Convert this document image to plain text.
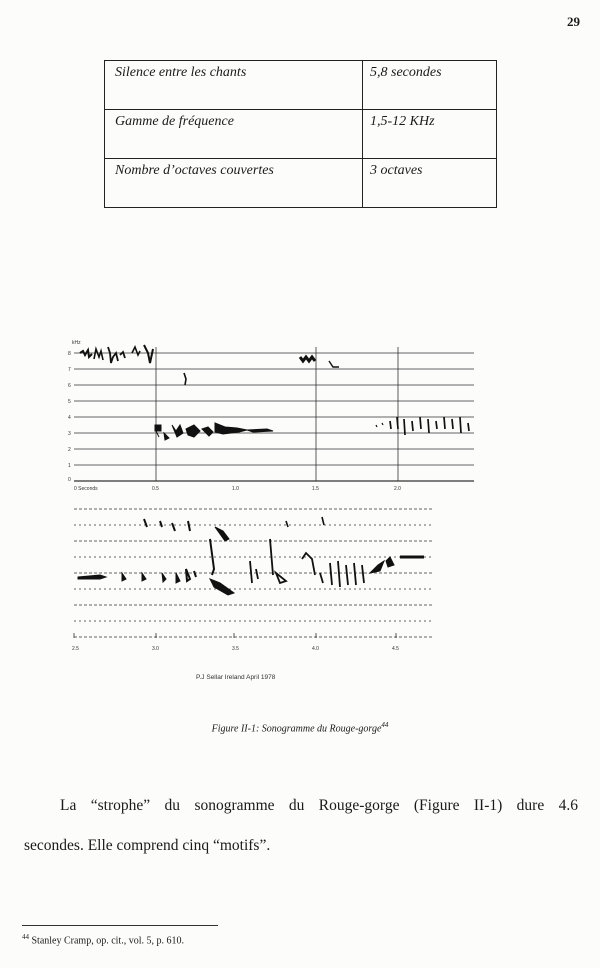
29
Silence entre les chants	5,8 secondes
Gamme de fréquence	1,5-12 KHz
Nombre d’octaves couvertes	3 octaves
kHz
8
7
6
5
4
3
2
1
0
0 Seconds	0.5	1.0	1.5	2.0
2.5	3.0	3.5	4.0	4.5
P.J Sellar Ireland April 1978
Figure II-1: Sonogramme du Rouge-gorge$^{44}$
La “strophe” du sonogramme du Rouge-gorge (Figure II-1) dure 4.6
secondes. Elle comprend cinq “motifs”.
$^{44}$ Stanley Cramp, op. cit., vol. 5, p. 610.
